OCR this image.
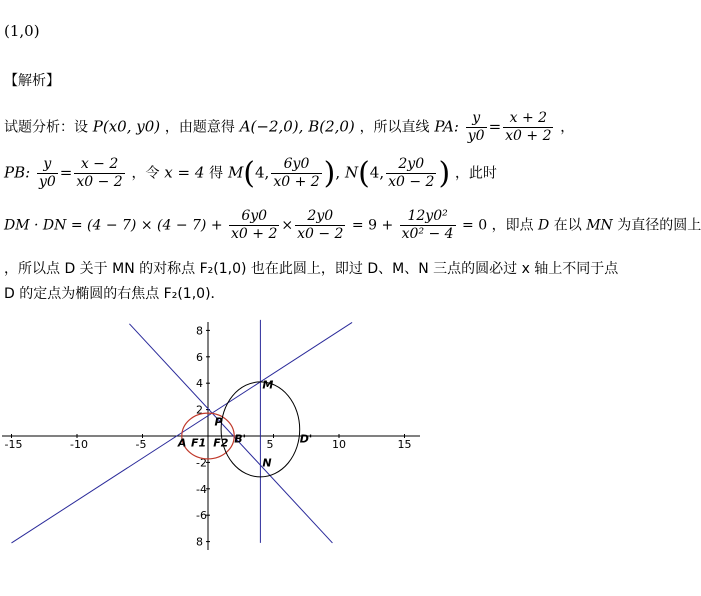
(1,0)
【解析】
试题分析：设 P(x0, y0) ，由题意得 A(−2,0), B(2,0) ，所以直线 PA: $\frac{y}{y0} = \frac{x + 2}{x0 + 2}$ ，
PB: $\frac{y}{y0} = \frac{x - 2}{x0 - 2}$ ，令 x = 4 得 M(4, $\frac{6y0}{x0 + 2}$ ), N(4, $\frac{2y0}{x0 - 2}$ ) ，此时
DM · DN = $(4 - 7) \times (4 - 7) + \frac{6y0}{x0 + 2} \times \frac{2y0}{x0 - 2} = 9 + \frac{\text{12y0²}}{\text{x0² − 4}} = 0$ ，即点 D 在以 MN 为直径的圆上
，所以点 D 关于 MN 的对称点 F₂(1,0) 也在此圆上，即过 D、M、N 三点的圆必过 x 轴上不同于点
D 的定点为椭圆的右焦点 F₂(1,0)．
-15	-10	-5	5	10	15
8
6
4
2
-2
-4
-6
8
M
N
P
A	B'	D'
F1 F2
